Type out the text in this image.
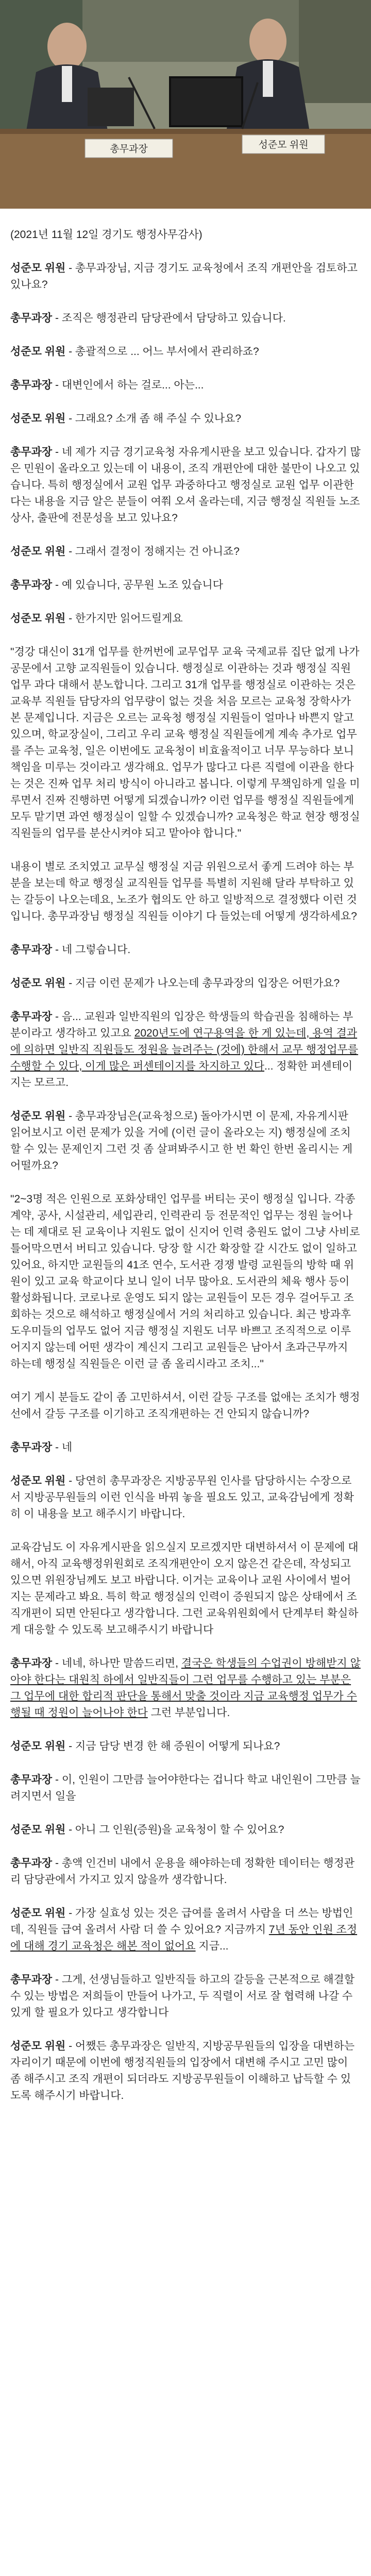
총무과장	성준모 위원

(2021년 11월 12일 경기도 행정사무감사)

성준모 위원 - 총무과장님, 지금 경기도 교육청에서 조직 개편안을 검토하고 있나요?

총무과장 - 조직은 행정관리 담당관에서 담당하고 있습니다.

성준모 위원 - 총괄적으로 ... 어느 부서에서 관리하죠?

총무과장 - 대변인에서 하는 걸로... 아는...

성준모 위원 - 그래요? 소개 좀 해 주실 수 있나요?

총무과장 - 네 제가 지금 경기교육청 자유게시판을 보고 있습니다. 갑자기 많은 민원이 올라오고 있는데 이 내용이, 조직 개편안에 대한 불만이 나오고 있습니다. 특히 행정실에서 교원 업무 과중하다고 행정실로 교원 업무 이관한다는 내용을 지금 알은 분들이 여쭤 오셔 올라는데, 지금 행정실 직원들 노조 상사, 출판에 전문성을 보고 있나요?

성준모 위원 - 그래서 결정이 정해지는 건 아니죠?

총무과장 - 예 있습니다, 공무원 노조 있습니다

성준모 위원 - 한가지만 읽어드릴게요

"경강 대신이 31개 업무를 한꺼번에 교무업무 교육 국제교류 집단 없게 나가 공문에서 고향 교직원들이 있습니다. 행정실로 이관하는 것과 행정실 직원 업무 과다 대해서 분노합니다. 그리고 31개 업무를 행정실로 이관하는 것은 교육부 직원들 담당자의 업무량이 없는 것을 처음 모르는 교육청 장학사가 본 문제입니다. 지금은 오르는 교육청 행정실 지원들이 얼마나 바쁜지 알고 있으며, 학교장실이, 그리고 우리 교육 행정실 직원들에게 계속 추가로 업무를 주는 교육청, 일은 이번에도 교육청이 비효율적이고 너무 무능하다 보니 책임을 미루는 것이라고 생각해요. 업무가 많다고 다른 직렬에 이관을 한다는 것은 진짜 업무 처리 방식이 아니라고 봅니다. 이렇게 무책임하게 일을 미루면서 진짜 진행하면 어떻게 되겠습니까? 이런 업무를 행정실 직원들에게 모두 맡기면 과연 행정실이 일할 수 있겠습니까? 교육청은 학교 현장 행정실 직원들의 업무를 분산시켜야 되고 맡아야 합니다."

내용이 별로 조치였고 교무실 행정실 지금 위원으로서 좋게 드려야 하는 부분을 보는데 학교 행정실 교직원들 업무를 특별히 지원해 달라 부탁하고 있는 갈등이 나오는데요, 노조가 협의도 안 하고 일방적으로 결정했다 이런 것입니다. 총무과장님 행정실 직원들 이야기 다 들었는데 어떻게 생각하세요?

총무과장 - 네 그렇습니다.

성준모 위원 - 지금 이런 문제가 나오는데 총무과장의 입장은 어떤가요?

총무과장 - 음... 교원과 일반직원의 입장은 학생들의 학습권을 침해하는 부분이라고 생각하고 있고요 2020년도에 연구용역을 한 게 있는데, 용역 결과에 의하면 일반직 직원들도 정원을 늘려주는 (것에) 한해서 교무 행정업무를 수행할 수 있다, 이게 많은 퍼센테이지를 차지하고 있다... 정확한 퍼센테이지는 모르고.

성준모 위원 - 총무과장님은(교육청으로) 돌아가시면 이 문제, 자유게시판 읽어보시고 이런 문제가 있을 거에 (이런 글이 올라오는 지) 행정실에 조치할 수 있는 문제인지 그런 것 좀 살펴봐주시고 한 번 확인 한번 올리시는 게 어떨까요?

"2~3명 적은 인원으로 포화상태인 업무를 버티는 곳이 행정실 입니다. 각종 계약, 공사, 시설관리, 세입관리, 인력관리 등 전문적인 업무는 정원 늘어나는 데 제대로 된 교육이나 지원도 없이 신지어 인력 충원도 없이 그냥 사비로 틀어막으면서 버티고 있습니다. 당장 할 시간 확장할 갈 시간도 없이 일하고 있어요, 하지만 교원들의 41조 연수, 도서관 경쟁 발령 교원들의 방학 때 위원이 있고 교육 학교이다 보니 일이 너무 많아요. 도서관의 체육 행사 등이 활성화됩니다. 코로나로 운영도 되지 않는 교원들이 모든 경우 걸어두고 조회하는 것으로 해석하고 행정실에서 거의 처리하고 있습니다. 최근 방과후 도우미들의 업무도 없어 지금 행정실 지원도 너무 바쁘고 조직적으로 이루어지지 않는데 어떤 생각이 계신지 그리고 교원들은 남아서 초과근무까지 하는데 행정실 직원들은 이런 글 좀 올리시라고 조치..."

여기 게시 분들도 같이 좀 고민하셔서, 이런 갈등 구조를 없애는 조치가 행정선에서 갈등 구조를 이기하고 조직개편하는 건 안되지 않습니까?

총무과장 - 네

성준모 위원 - 당연히 총무과장은 지방공무원 인사를 담당하시는 수장으로서 지방공무원들의 이런 인식을 바꿔 놓을 필요도 있고, 교육감님에게 정확히 이 내용을 보고 해주시기 바랍니다.

교육감님도 이 자유게시판을 읽으실지 모르겠지만 대변하셔서 이 문제에 대해서, 아직 교육행정위원회로 조직개편안이 오지 않은건 같은데, 작성되고 있으면 위원장님께도 보고 바랍니다. 이거는 교육이나 교원 사이에서 벌어지는 문제라고 봐요. 특히 학교 행정실의 인력이 증원되지 않은 상태에서 조직개편이 되면 안된다고 생각합니다. 그런 교육위원회에서 단계부터 확실하게 대응할 수 있도록 보고해주시기 바랍니다

총무과장 - 네네, 하나만 말씀드리면, 결국은 학생들의 수업권이 방해받지 않아야 한다는 대원칙 하에서 일반직들이 그런 업무를 수행하고 있는 부분은 그 업무에 대한 합리적 판단을 통해서 맞출 것이라 지금 교육행정 업무가 수행될 때 정원이 늘어나야 한다 그런 부분입니다.

성준모 위원 - 지금 담당 변경 한 해 증원이 어떻게 되나요?

총무과장 - 이, 인원이 그만큼 늘어야한다는 겁니다 학교 내인원이 그만큼 늘려지면서 일을

성준모 위원 - 아니 그 인원(증원)을 교육청이 할 수 있어요?

총무과장 - 총액 인건비 내에서 운용을 해야하는데 정확한 데이터는 행정관리 담당관에서 가지고 있지 않을까 생각합니다.

성준모 위원 - 가장 실효성 있는 것은 급여를 올려서 사람을 더 쓰는 방법인데, 직원들 급여 올려서 사람 더 쓸 수 있어요? 지금까지 7년 동안 인원 조정에 대해 경기 교육청은 해본 적이 없어요 지금...

총무과장 - 그게, 선생님들하고 일반직들 하고의 갈등을 근본적으로 해결할 수 있는 방법은 저희들이 만들어 나가고, 두 직렬이 서로 잘 협력해 나갈 수 있게 할 필요가 있다고 생각합니다

성준모 위원 - 어쨌든 총무과장은 일반직, 지방공무원들의 입장을 대변하는 자리이기 때문에 이번에 행정직원들의 입장에서 대변해 주시고 고민 많이 좀 해주시고 조직 개편이 되더라도 지방공무원들이 이해하고 납득할 수 있도록 해주시기 바랍니다.
